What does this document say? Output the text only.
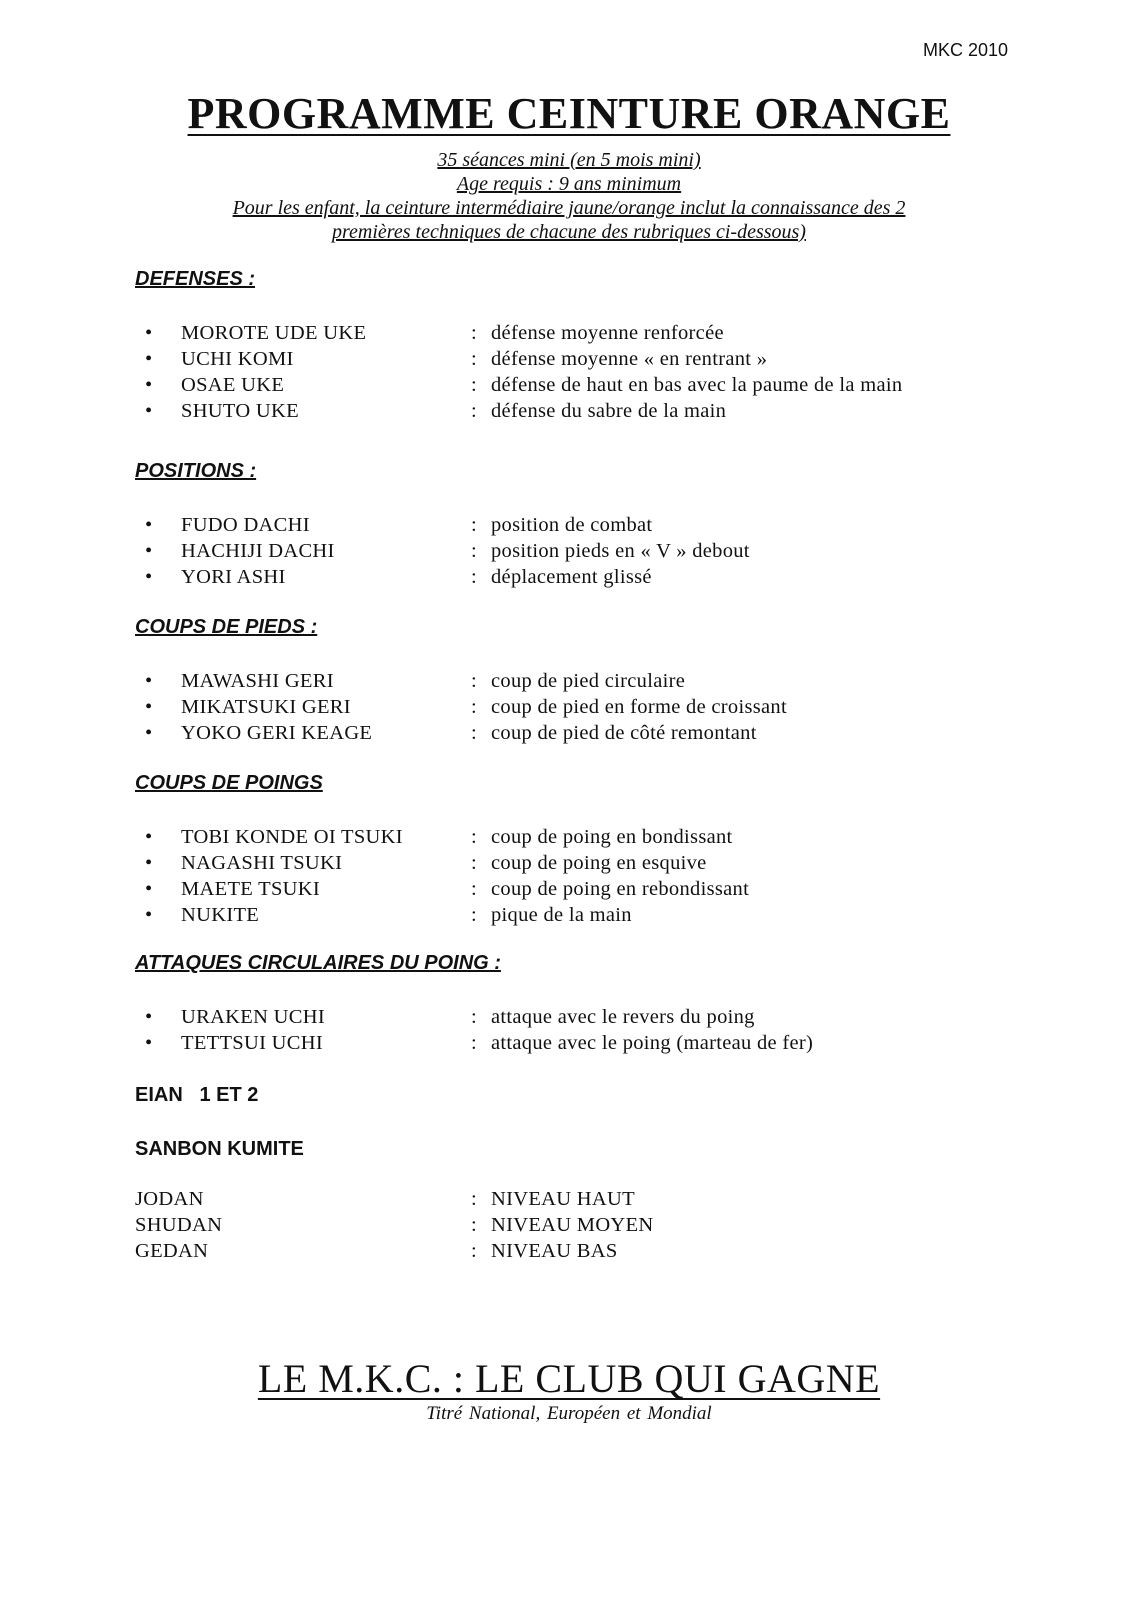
MKC 2010
PROGRAMME CEINTURE ORANGE
35 séances mini (en 5 mois mini)
Age requis : 9 ans minimum
Pour les enfant, la ceinture intermédiaire jaune/orange inclut la connaissance des 2
premières techniques de chacune des rubriques ci-dessous)
DEFENSES :
•	MOROTE UDE UKE	: défense moyenne renforcée
•	UCHI KOMI	: défense moyenne « en rentrant »
•	OSAE UKE	: défense de haut en bas avec la paume de la main
•	SHUTO UKE	: défense du sabre de la main
POSITIONS :
•	FUDO DACHI	: position de combat
•	HACHIJI DACHI	: position pieds en « V » debout
•	YORI ASHI	: déplacement glissé
COUPS DE PIEDS :
•	MAWASHI GERI	: coup de pied circulaire
•	MIKATSUKI GERI	: coup de pied en forme de croissant
•	YOKO GERI KEAGE	: coup de pied de côté remontant
COUPS DE POINGS
•	TOBI KONDE OI TSUKI	: coup de poing en bondissant
•	NAGASHI TSUKI	: coup de poing en esquive
•	MAETE TSUKI	: coup de poing en rebondissant
•	NUKITE	: pique de la main
ATTAQUES CIRCULAIRES DU POING :
•	URAKEN UCHI	: attaque avec le revers du poing
•	TETTSUI UCHI	: attaque avec le poing (marteau de fer)
EIAN   1 ET 2
SANBON KUMITE
JODAN	: NIVEAU HAUT
SHUDAN	: NIVEAU MOYEN
GEDAN	: NIVEAU BAS
LE M.K.C. : LE CLUB QUI GAGNE
Titré National, Européen et Mondial
